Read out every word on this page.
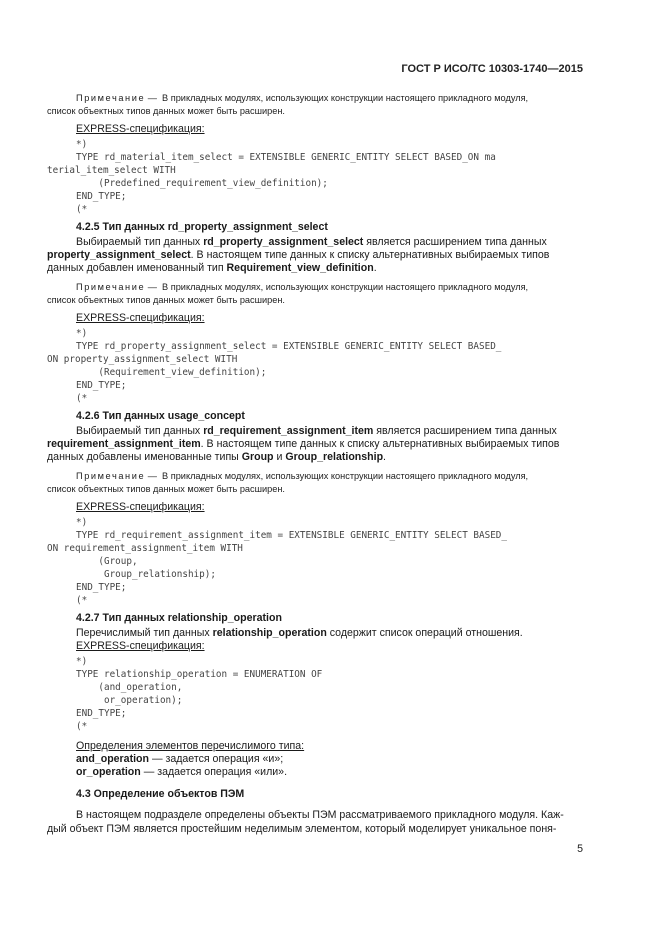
ГОСТ Р ИСО/ТС 10303-1740—2015
Примечание — В прикладных модулях, использующих конструкции настоящего прикладного модуля,
список объектных типов данных может быть расширен.
EXPRESS-спецификация:
*)
TYPE rd_material_item_select = EXTENSIBLE GENERIC_ENTITY SELECT BASED_ON ma
terial_item_select WITH
(Predefined_requirement_view_definition);
END_TYPE;
(*
4.2.5 Тип данных rd_property_assignment_select
Выбираемый тип данных rd_property_assignment_select является расширением типа данных
property_assignment_select. В настоящем типе данных к списку альтернативных выбираемых типов
данных добавлен именованный тип Requirement_view_definition.
Примечание — В прикладных модулях, использующих конструкции настоящего прикладного модуля,
список объектных типов данных может быть расширен.
EXPRESS-спецификация:
*)
TYPE rd_property_assignment_select = EXTENSIBLE GENERIC_ENTITY SELECT BASED_
ON property_assignment_select WITH
(Requirement_view_definition);
END_TYPE;
(*
4.2.6 Тип данных usage_concept
Выбираемый тип данных rd_requirement_assignment_item является расширением типа данных
requirement_assignment_item. В настоящем типе данных к списку альтернативных выбираемых типов
данных добавлены именованные типы Group и Group_relationship.
Примечание — В прикладных модулях, использующих конструкции настоящего прикладного модуля,
список объектных типов данных может быть расширен.
EXPRESS-спецификация:
*)
TYPE rd_requirement_assignment_item = EXTENSIBLE GENERIC_ENTITY SELECT BASED_
ON requirement_assignment_item WITH
(Group,
Group_relationship);
END_TYPE;
(*
4.2.7 Тип данных relationship_operation
Перечислимый тип данных relationship_operation содержит список операций отношения.
EXPRESS-спецификация:
*)
TYPE relationship_operation = ENUMERATION OF
(and_operation,
or_operation);
END_TYPE;
(*
Определения элементов перечислимого типа:
and_operation — задается операция «и»;
or_operation — задается операция «или».
4.3 Определение объектов ПЭМ
В настоящем подразделе определены объекты ПЭМ рассматриваемого прикладного модуля. Каж-
дый объект ПЭМ является простейшим неделимым элементом, который моделирует уникальное поня-
5
